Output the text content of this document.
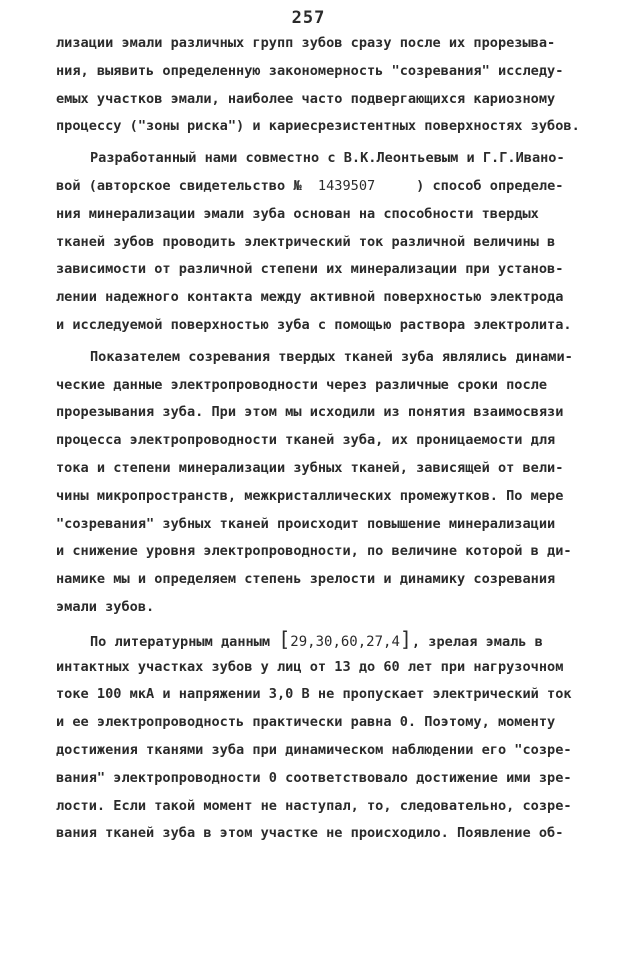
257
лизации эмали различных групп зубов сразу после их прорезыва-
ния, выявить определенную закономерность "созревания" исследу-
емых участков эмали, наиболее часто подвергающихся кариозному
процессу ("зоны риска") и кариесрезистентных поверхностях зубов.
Разработанный нами совместно с В.К.Леонтьевым и Г.Г.Ивано-
вой (авторское свидетельство № 1439507	) способ определе-
ния минерализации эмали зуба основан на способности твердых
тканей зубов проводить электрический ток различной величины в
зависимости от различной степени их минерализации при установ-
лении надежного контакта между активной поверхностью электрода
и исследуемой поверхностью зуба с помощью раствора электролита.
Показателем созревания твердых тканей зуба являлись динами-
ческие данные электропроводности через различные сроки после
прорезывания зуба. При этом мы исходили из понятия взаимосвязи
процесса электропроводности тканей зуба, их проницаемости для
тока и степени минерализации зубных тканей, зависящей от вели-
чины микропространств, межкристаллических промежутков. По мере
"созревания" зубных тканей происходит повышение минерализации
и снижение уровня электропроводности, по величине которой в ди-
намике мы и определяем степень зрелости и динамику созревания
эмали зубов.
По литературным данным [29,30,60,27,4], зрелая эмаль в
интактных участках зубов у лиц от 13 до 60 лет при нагрузочном
токе 100 мкА и напряжении 3,0 В не пропускает электрический ток
и ее электропроводность практически равна 0. Поэтому, моменту
достижения тканями зуба при динамическом наблюдении его "созре-
вания" электропроводности 0 соответствовало достижение ими зре-
лости. Если такой момент не наступал, то, следовательно, созре-
вания тканей зуба в этом участке не происходило. Появление об-
